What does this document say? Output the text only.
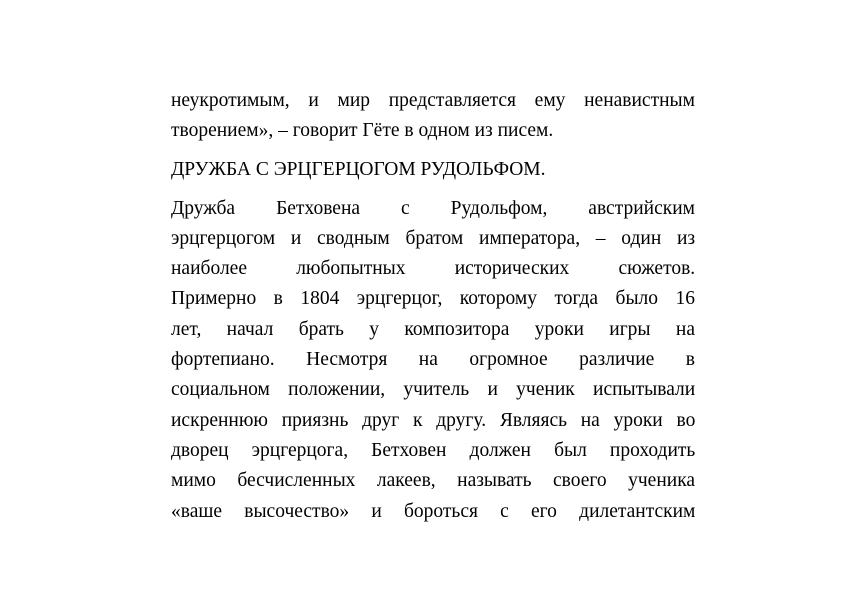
неукротимым, и мир представляется ему ненавистным
творением», – говорит Гёте в одном из писем.
ДРУЖБА С ЭРЦГЕРЦОГОМ РУДОЛЬФОМ.
Дружба Бетховена с Рудольфом, австрийским
эрцгерцогом и сводным братом императора, – один из
наиболее любопытных исторических сюжетов.
Примерно в 1804 эрцгерцог, которому тогда было 16
лет, начал брать у композитора уроки игры на
фортепиано. Несмотря на огромное различие в
социальном положении, учитель и ученик испытывали
искреннюю приязнь друг к другу. Являясь на уроки во
дворец эрцгерцога, Бетховен должен был проходить
мимо бесчисленных лакеев, называть своего ученика
«ваше высочество» и бороться с его дилетантским
